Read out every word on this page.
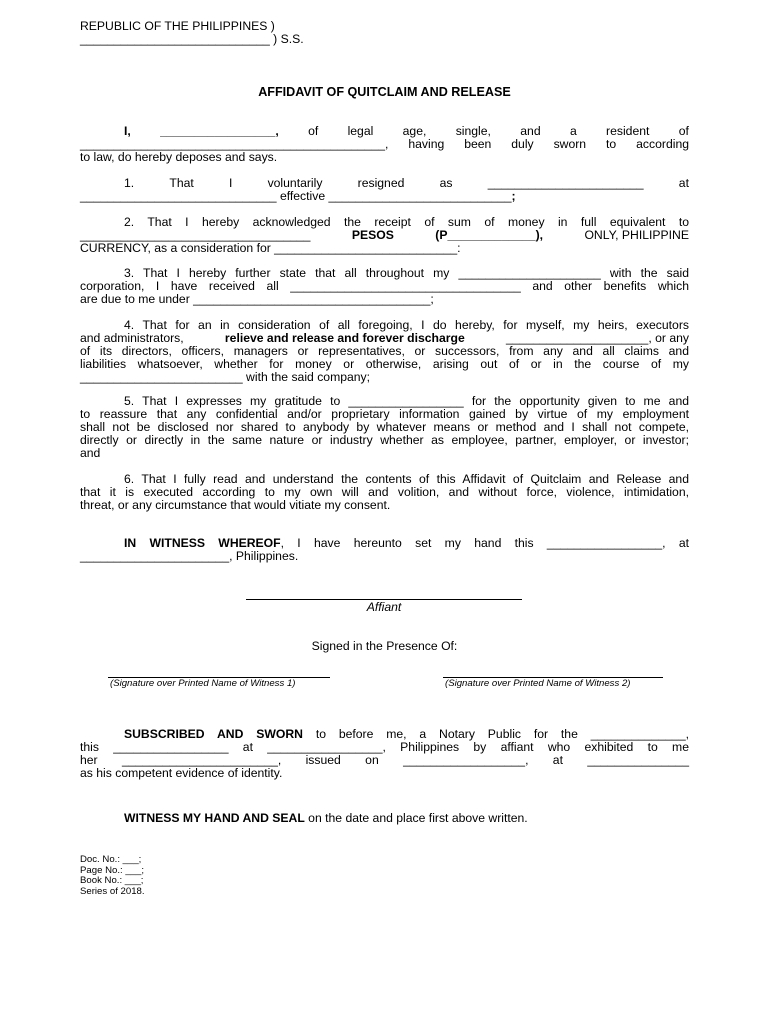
REPUBLIC OF THE PHILIPPINES )
____________________________ ) S.S.
AFFIDAVIT OF QUITCLAIM AND RELEASE
I, _________________, of legal age, single, and a resident of
_____________________________________________, having been duly sworn to according
to law, do hereby deposes and says.
1.	That	I	voluntarily	resigned	as	_______________________	at
_____________________________ effective ___________________________;
2. That I hereby acknowledged the receipt of sum of money in full equivalent to
__________________________________	PESOS	(P_____________),	ONLY, PHILIPPINE
CURRENCY, as a consideration for ___________________________:
3. That I hereby further state that all throughout my _____________________ with the said
corporation, I have received all __________________________________ and other benefits which
are due to me under ___________________________________;
4. That for an in consideration of all foregoing, I do hereby, for myself, my heirs, executors
and administrators,	relieve and release and forever discharge	_____________________, or any
of its directors, officers, managers or representatives, or successors, from any and all claims and
liabilities whatsoever, whether for money or otherwise, arising out of or in the course of my
________________________ with the said company;
5. That I expresses my gratitude to _________________ for the opportunity given to me and
to reassure that any confidential and/or proprietary information gained by virtue of my employment
shall not be disclosed nor shared to anybody by whatever means or method and I shall not compete,
directly or directly in the same nature or industry whether as employee, partner, employer, or investor;
and
6. That I fully read and understand the contents of this Affidavit of Quitclaim and Release and
that it is executed according to my own will and volition, and without force, violence, intimidation,
threat, or any circumstance that would vitiate my consent.
IN WITNESS WHEREOF, I have hereunto set my hand this _________________, at
______________________, Philippines.
Affiant
Signed in the Presence Of:
(Signature over Printed Name of Witness 1)	(Signature over Printed Name of Witness 2)
SUBSCRIBED AND SWORN to before me, a Notary Public for the ______________,
this _________________ at _________________, Philippines by affiant who exhibited to me
her _______________________, issued on __________________, at _______________
as his competent evidence of identity.
WITNESS MY HAND AND SEAL on the date and place first above written.
Doc. No.: ___;
Page No.: ___;
Book No.: ___;
Series of 2018.
